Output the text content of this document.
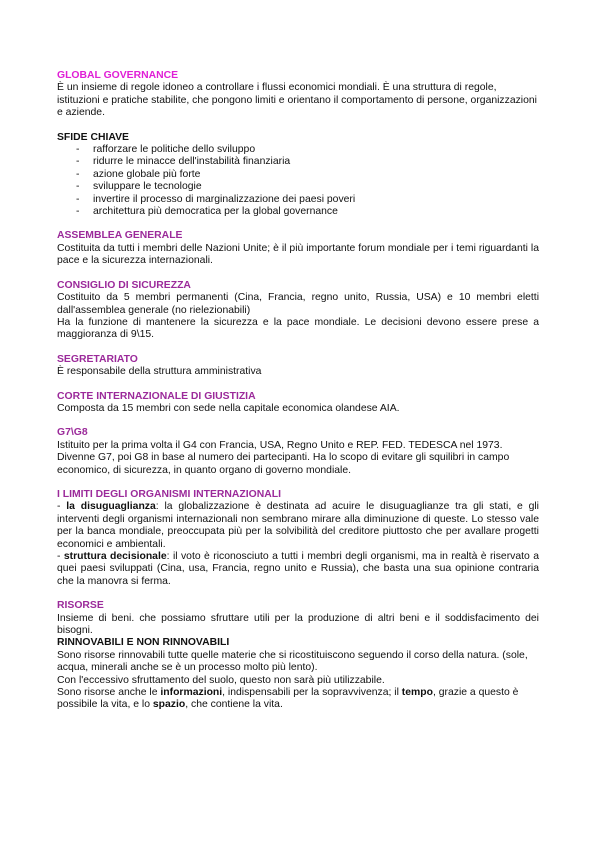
GLOBAL GOVERNANCE

È un insieme di regole idoneo a controllare i flussi economici mondiali. È una struttura di regole, istituzioni e pratiche stabilite, che pongono limiti e orientano il comportamento di persone, organizzazioni e aziende.

SFIDE CHIAVE

- rafforzare le politiche dello sviluppo
- ridurre le minacce dell'instabilità finanziaria
- azione globale più forte
- sviluppare le tecnologie
- invertire il processo di marginalizzazione dei paesi poveri
- architettura più democratica per la global governance

ASSEMBLEA GENERALE

Costituita da tutti i membri delle Nazioni Unite; è il più importante forum mondiale per i temi riguardanti la pace e la sicurezza internazionali.

CONSIGLIO DI SICUREZZA

Costituito da 5 membri permanenti (Cina, Francia, regno unito, Russia, USA) e 10 membri eletti dall'assemblea generale (no rielezionabili)

Ha la funzione di mantenere la sicurezza e la pace mondiale. Le decisioni devono essere prese a maggioranza di 9\15.

SEGRETARIATO

È responsabile della struttura amministrativa

CORTE INTERNAZIONALE DI GIUSTIZIA

Composta da 15 membri con sede nella capitale economica olandese AIA.

G7\G8

Istituito per la prima volta il G4 con Francia, USA, Regno Unito e REP. FED. TEDESCA nel 1973. Divenne G7, poi G8 in base al numero dei partecipanti. Ha lo scopo di evitare gli squilibri in campo economico, di sicurezza, in quanto organo di governo mondiale.

I LIMITI DEGLI ORGANISMI INTERNAZIONALI

- la disuguaglianza: la globalizzazione è destinata ad acuire le disuguaglianze tra gli stati, e gli interventi degli organismi internazionali non sembrano mirare alla diminuzione di queste. Lo stesso vale per la banca mondiale, preoccupata più per la solvibilità del creditore piuttosto che per avallare progetti economici e ambientali.

- struttura decisionale: il voto è riconosciuto a tutti i membri degli organismi, ma in realtà è riservato a quei paesi sviluppati (Cina, usa, Francia, regno unito e Russia), che basta una sua opinione contraria che la manovra si ferma.

RISORSE

Insieme di beni. che possiamo sfruttare utili per la produzione di altri beni e il soddisfacimento dei bisogni.

RINNOVABILI E NON RINNOVABILI

Sono risorse rinnovabili tutte quelle materie che si ricostituiscono seguendo il corso della natura. (sole, acqua, minerali anche se è un processo molto più lento).

Con l'eccessivo sfruttamento del suolo, questo non sarà più utilizzabile.

Sono risorse anche le informazioni, indispensabili per la sopravvivenza; il tempo, grazie a questo è possibile la vita, e lo spazio, che contiene la vita.
